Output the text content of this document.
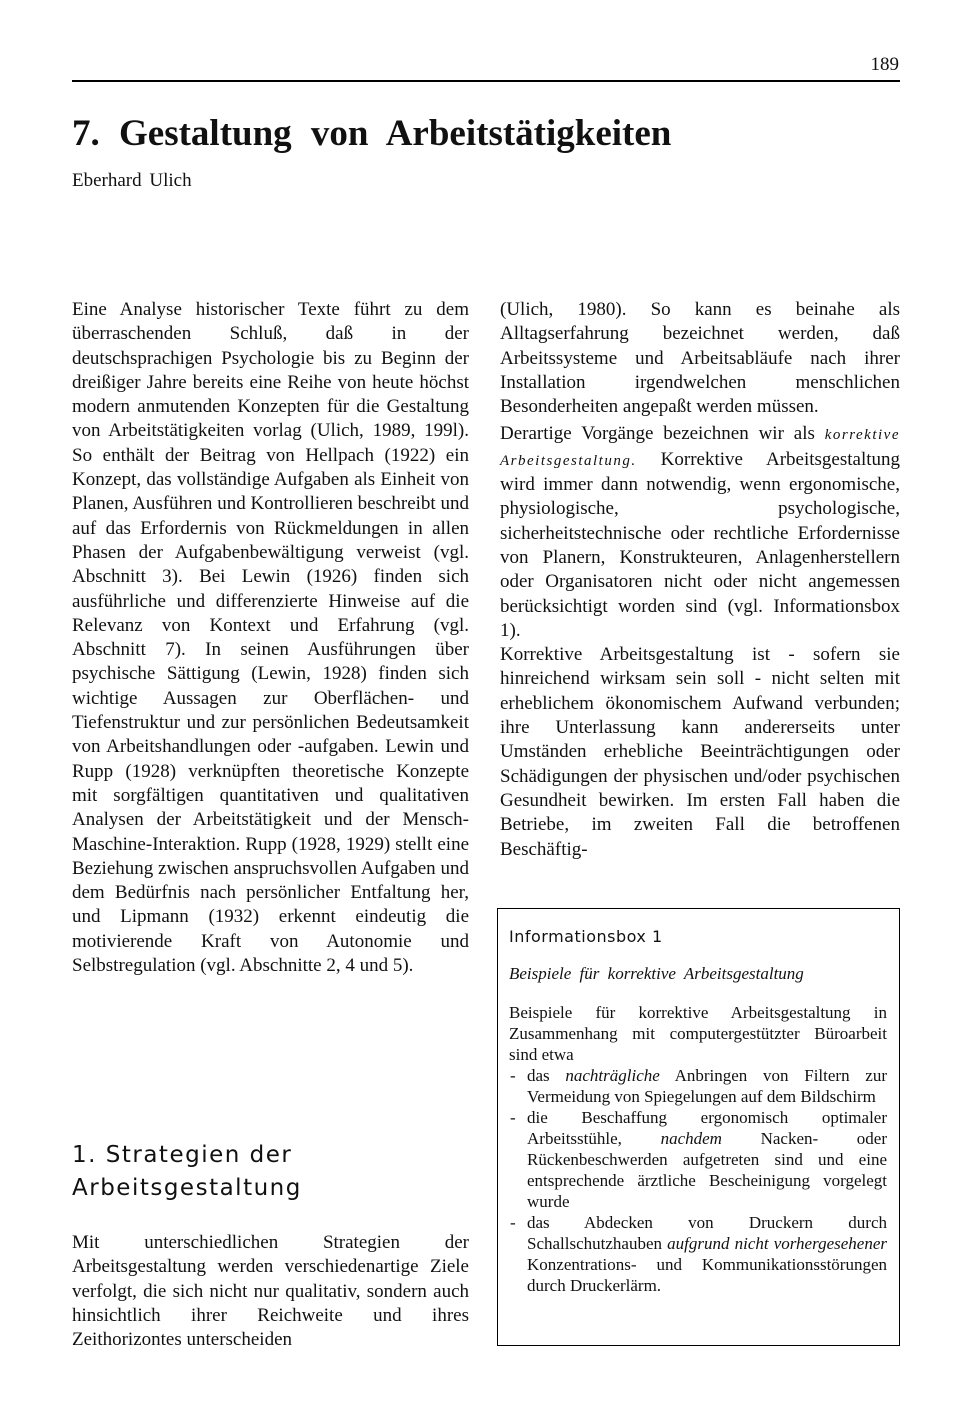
189
7. Gestaltung von Arbeitstätigkeiten
Eberhard Ulich

Eine Analyse historischer Texte führt zu dem überraschenden Schluß, daß in der deutschsprachigen Psychologie bis zu Beginn der dreißiger Jahre bereits eine Reihe von heute höchst modern anmutenden Konzepten für die Gestaltung von Arbeitstätigkeiten vorlag (Ulich, 1989, 199l). So enthält der Beitrag von Hellpach (1922) ein Konzept, das vollständige Aufgaben als Einheit von Planen, Ausführen und Kontrollieren beschreibt und auf das Erfordernis von Rückmeldungen in allen Phasen der Aufgabenbewältigung verweist (vgl. Abschnitt 3). Bei Lewin (1926) finden sich ausführliche und differenzierte Hinweise auf die Relevanz von Kontext und Erfahrung (vgl. Abschnitt 7). In seinen Ausführungen über psychische Sättigung (Lewin, 1928) finden sich wichtige Aussagen zur Oberflächen- und Tiefenstruktur und zur persönlichen Bedeutsamkeit von Arbeitshandlungen oder -aufgaben. Lewin und Rupp (1928) verknüpften theoretische Konzepte mit sorgfältigen quantitativen und qualitativen Analysen der Arbeitstätigkeit und der Mensch-Maschine-Interaktion. Rupp (1928, 1929) stellt eine Beziehung zwischen anspruchsvollen Aufgaben und dem Bedürfnis nach persönlicher Entfaltung her, und Lipmann (1932) erkennt eindeutig die motivierende Kraft von Autonomie und Selbstregulation (vgl. Abschnitte 2, 4 und 5).

1. Strategien der
Arbeitsgestaltung

Mit unterschiedlichen Strategien der Arbeitsgestaltung werden verschiedenartige Ziele verfolgt, die sich nicht nur qualitativ, sondern auch hinsichtlich ihrer Reichweite und ihres Zeithorizontes unterscheiden

(Ulich, 1980). So kann es beinahe als Alltagserfahrung bezeichnet werden, daß Arbeitssysteme und Arbeitsabläufe nach ihrer Installation irgendwelchen menschlichen Besonderheiten angepaßt werden müssen.

Derartige Vorgänge bezeichnen wir als korrektive Arbeitsgestaltung. Korrektive Arbeitsgestaltung wird immer dann notwendig, wenn ergonomische, physiologische, psychologische, sicherheitstechnische oder rechtliche Erfordernisse von Planern, Konstrukteuren, Anlagenherstellern oder Organisatoren nicht oder nicht angemessen berücksichtigt worden sind (vgl. Informationsbox 1).

Korrektive Arbeitsgestaltung ist - sofern sie hinreichend wirksam sein soll - nicht selten mit erheblichem ökonomischem Aufwand verbunden; ihre Unterlassung kann andererseits unter Umständen erhebliche Beeinträchtigungen oder Schädigungen der physischen und/oder psychischen Gesundheit bewirken. Im ersten Fall haben die Betriebe, im zweiten Fall die betroffenen Beschäftig-

Informationsbox 1
Beispiele für korrektive Arbeitsgestaltung
Beispiele für korrektive Arbeitsgestaltung in Zusammenhang mit computergestützter Büroarbeit sind etwa
- das nachträgliche Anbringen von Filtern zur Vermeidung von Spiegelungen auf dem Bildschirm
- die Beschaffung ergonomisch optimaler Arbeitsstühle, nachdem Nacken- oder Rückenbeschwerden aufgetreten sind und eine entsprechende ärztliche Bescheinigung vorgelegt wurde
- das Abdecken von Druckern durch Schallschutzhauben aufgrund nicht vorhergesehener Konzentrations- und Kommunikationsstörungen durch Druckerlärm.
